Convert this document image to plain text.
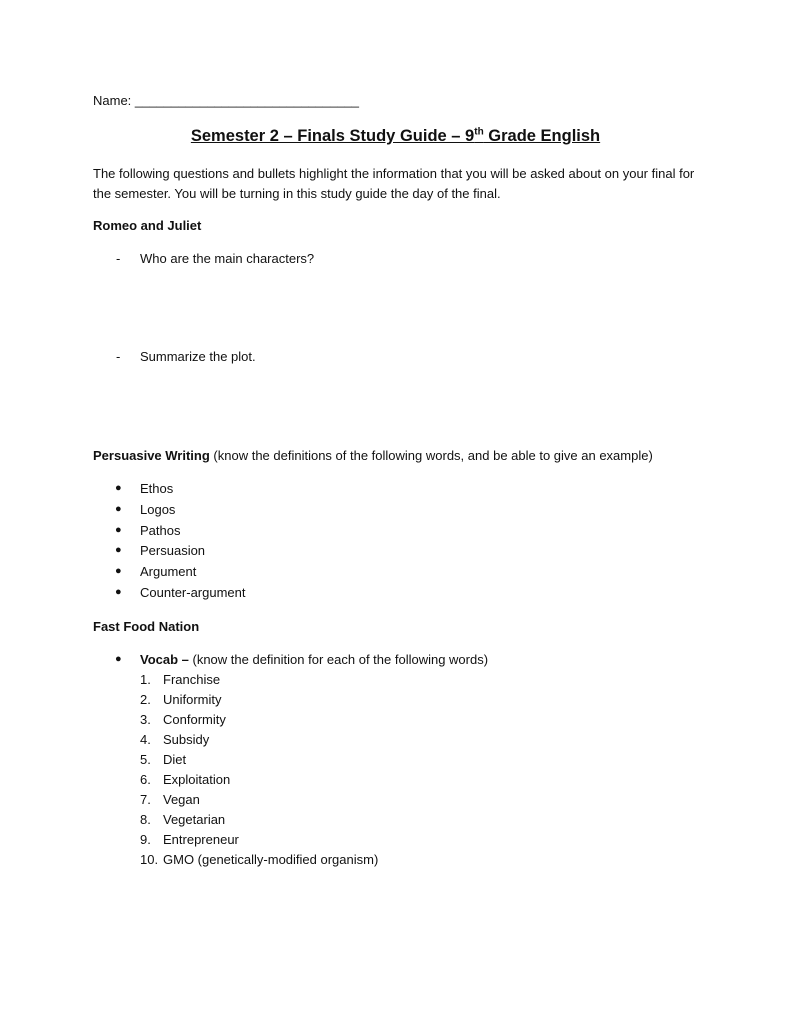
Name: _______________________________
Semester 2 – Finals Study Guide – 9th Grade English
The following questions and bullets highlight the information that you will be asked about on your final for the semester. You will be turning in this study guide the day of the final.
Romeo and Juliet
- Who are the main characters?
- Summarize the plot.
Persuasive Writing (know the definitions of the following words, and be able to give an example)
● Ethos
● Logos
● Pathos
● Persuasion
● Argument
● Counter-argument
Fast Food Nation
● Vocab – (know the definition for each of the following words)
1. Franchise
2. Uniformity
3. Conformity
4. Subsidy
5. Diet
6. Exploitation
7. Vegan
8. Vegetarian
9. Entrepreneur
10. GMO (genetically-modified organism)
